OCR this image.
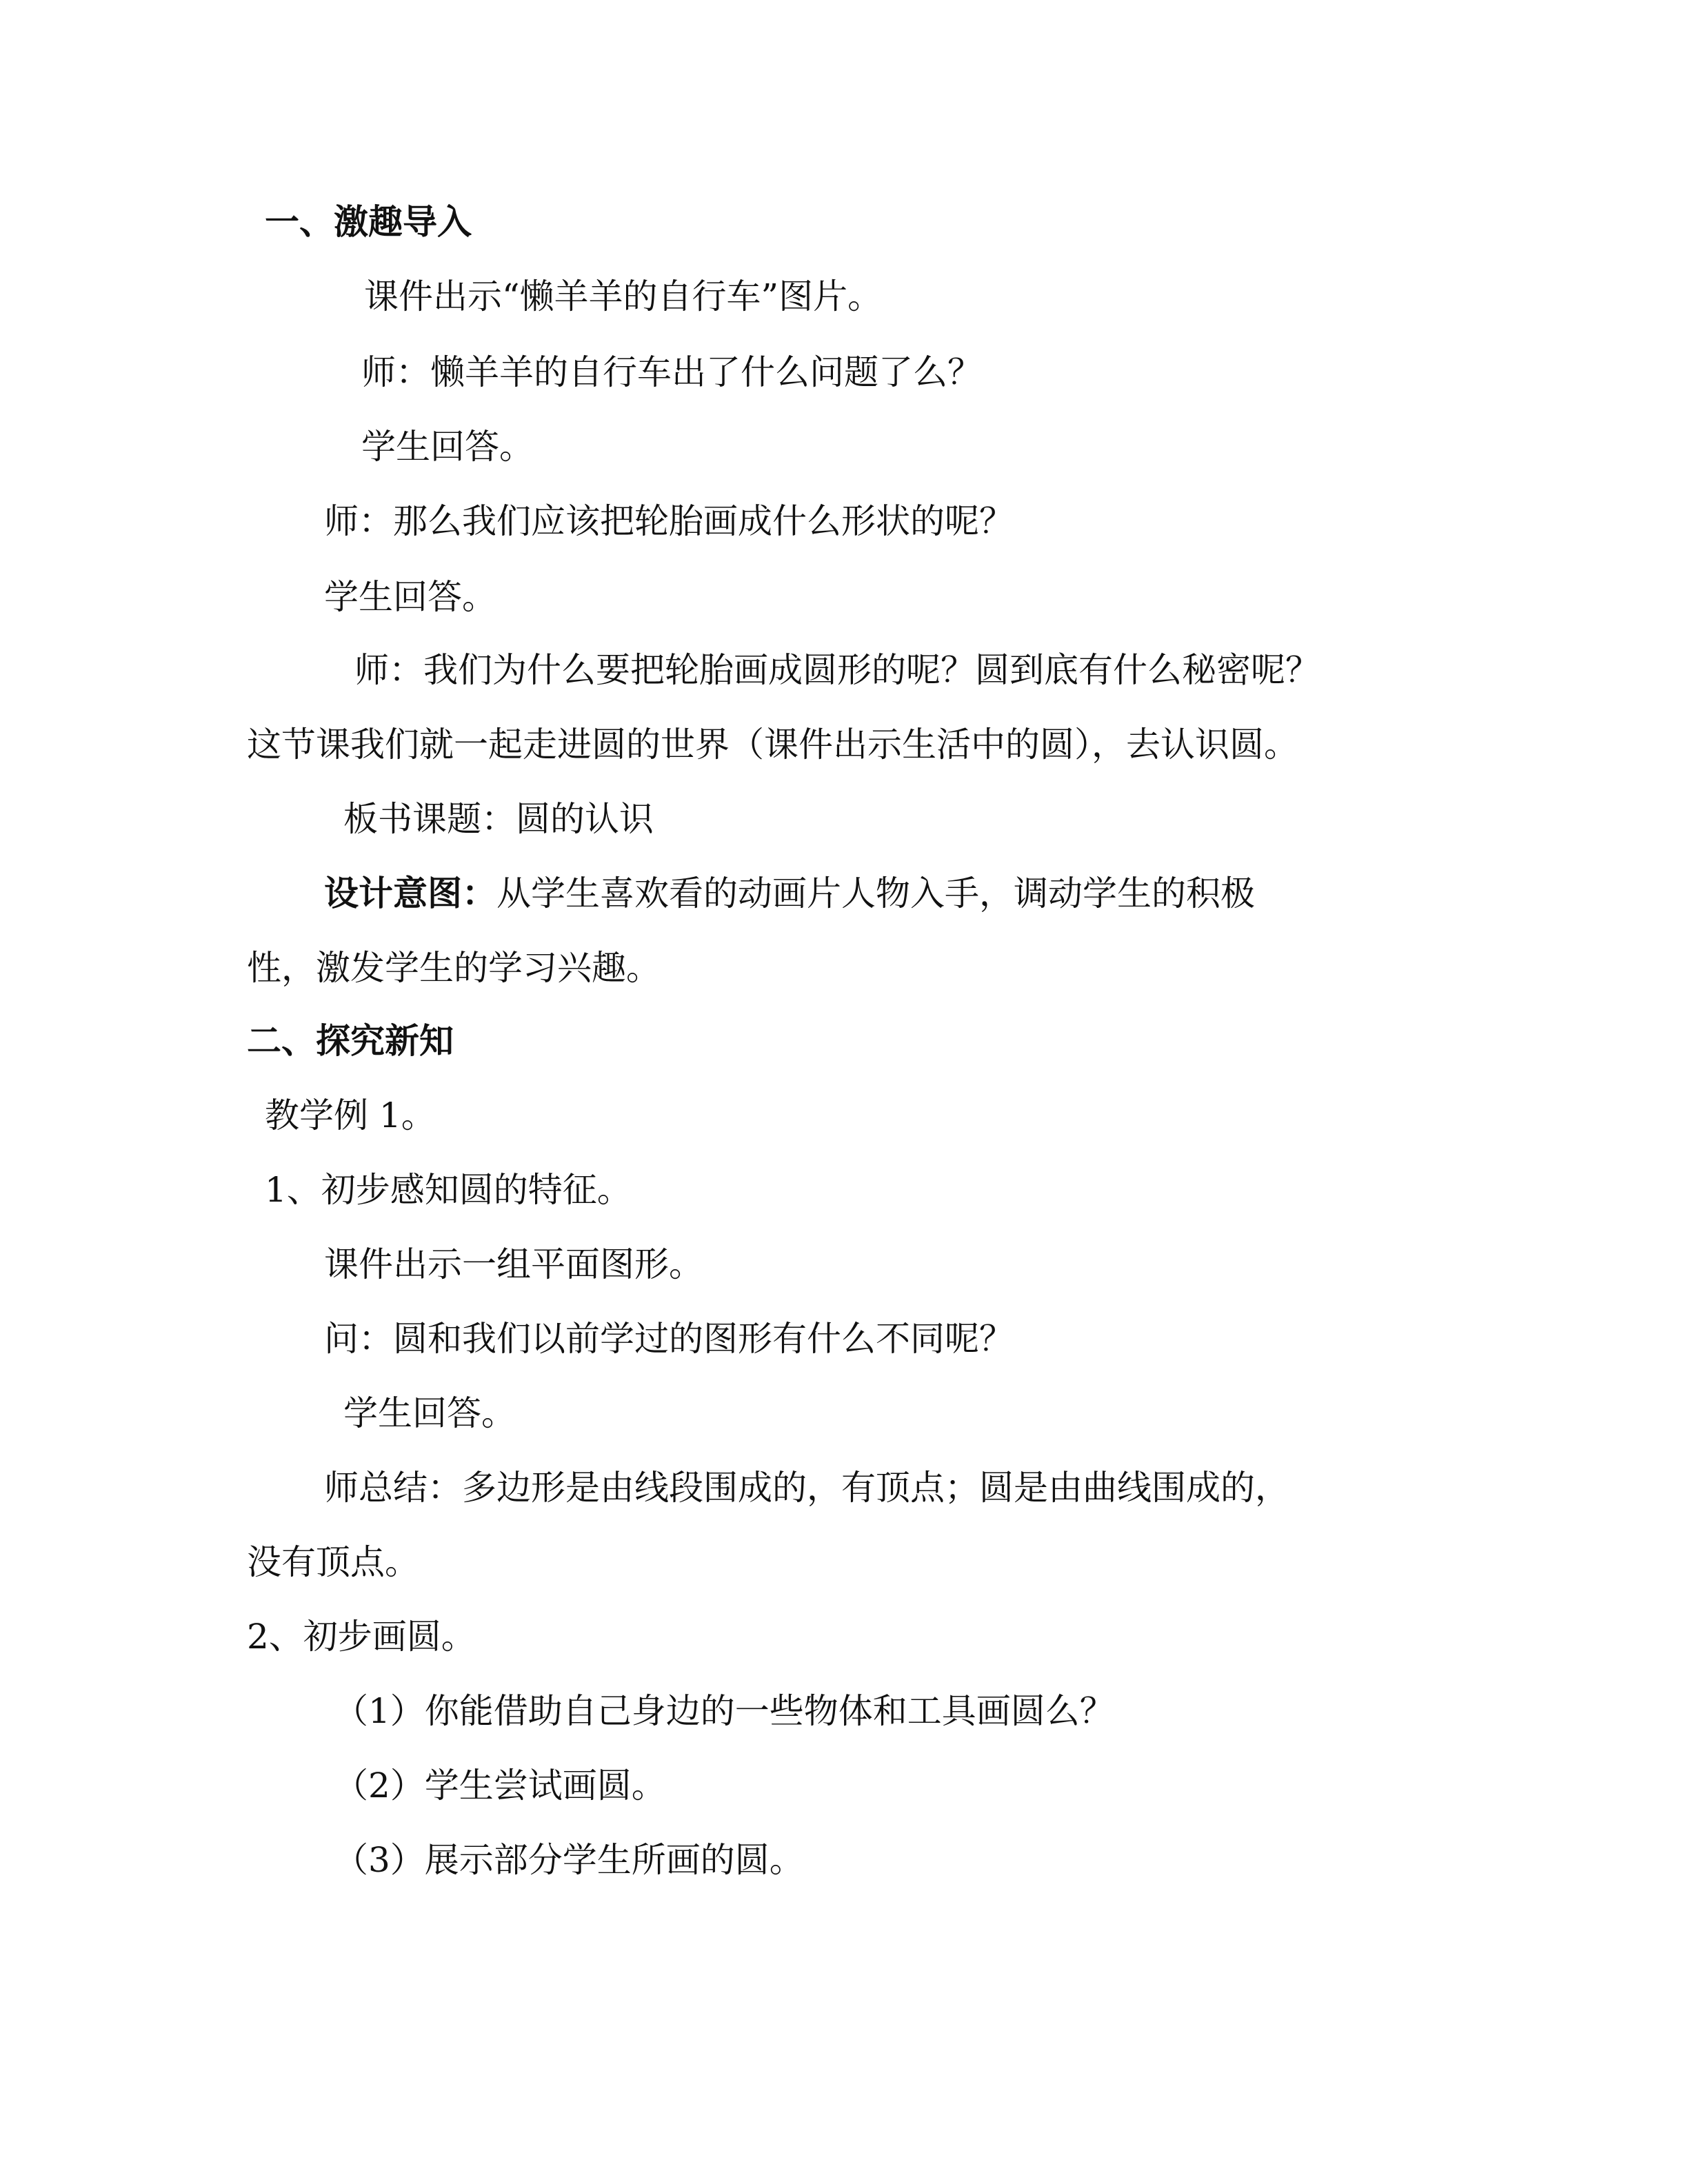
一、激趣导入
课件出示“懒羊羊的自行车”图片。
师：懒羊羊的自行车出了什么问题了么？
学生回答。
师：那么我们应该把轮胎画成什么形状的呢？
学生回答。
师：我们为什么要把轮胎画成圆形的呢？圆到底有什么秘密呢？
这节课我们就一起走进圆的世界（课件出示生活中的圆），去认识圆。
板书课题：圆的认识
设计意图：从学生喜欢看的动画片人物入手，调动学生的积极
性，激发学生的学习兴趣。
二、探究新知
教学例 1。
1、初步感知圆的特征。
课件出示一组平面图形。
问：圆和我们以前学过的图形有什么不同呢？
学生回答。
师总结：多边形是由线段围成的，有顶点；圆是由曲线围成的，
没有顶点。
2、初步画圆。
（1）你能借助自己身边的一些物体和工具画圆么？
（2）学生尝试画圆。
（3）展示部分学生所画的圆。
